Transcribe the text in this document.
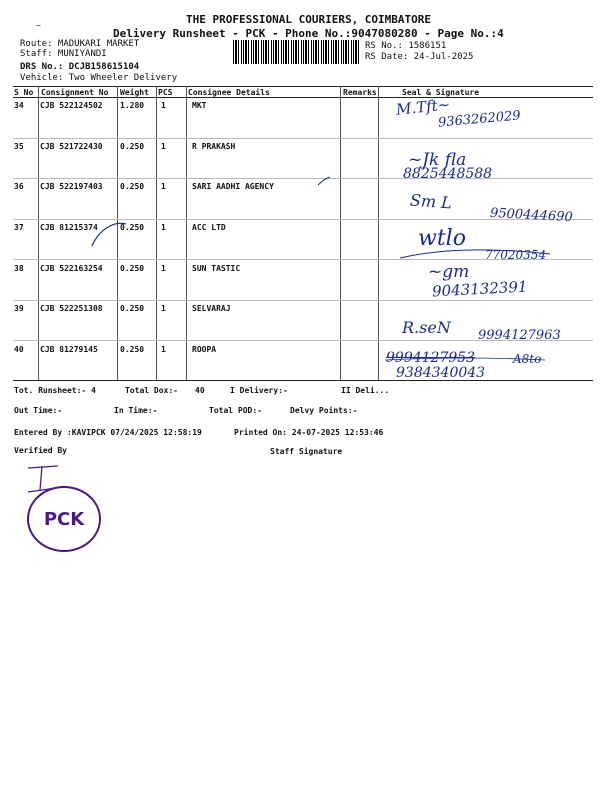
~	THE PROFESSIONAL COURIERS, COIMBATORE
Delivery Runsheet - PCK - Phone No.:9047080280 - Page No.:4
Route: MADUKARI MARKET
Staff: MUNIYANDI
DRS No.: DCJB158615104
Vehicle: Two Wheeler Delivery
RS No.: 1586151
RS Date: 24-Jul-2025
S No Consignment No Weight PCS Consignee Details	Remarks	Seal & Signature
34 CJB 522124502 1.280 1	MKT
35 CJB 521722430 0.250 1	R PRAKASH
36 CJB 522197403 0.250 1	SARI AADHI AGENCY
37 CJB 81215374	0.250 1	ACC LTD
38 CJB 522163254 0.250 1	SUN TASTIC
39 CJB 522251308 0.250 1	SELVARAJ
40 CJB 81279145	0.250 1	ROOPA
M.Tft~
9363262029
~Jk fla
8825448588
Sm L
9500444690
wtlo
77020354
~gm
9043132391
R.seN 9994127963
9994127953	A8to
9384340043
Tot. Runsheet:- 4	Total Dox:- 40	I Delivery:-	II Deli...
Out Time:-	In Time:-	Total POD:-	Delvy Points:-
Entered By :KAVIPCK 07/24/2025 12:58:19	Printed On: 24-07-2025 12:53:46
Verified By	Staff Signature
PCK
